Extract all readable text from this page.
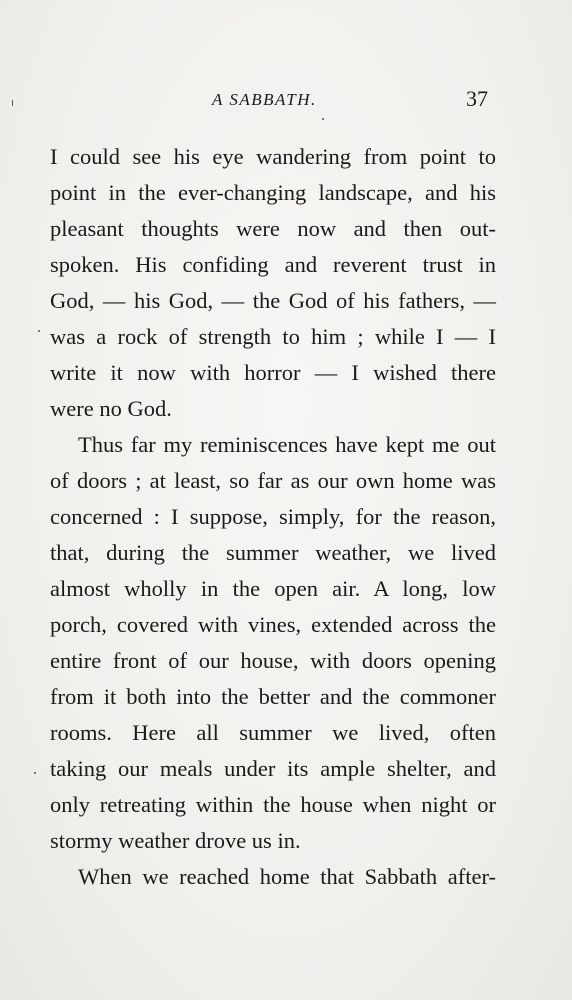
A SABBATH.	37
I could see his eye wandering from point to
point in the ever-changing landscape, and his
pleasant thoughts were now and then out-
spoken. His confiding and reverent trust in
God, — his God, — the God of his fathers, —
was a rock of strength to him ; while I — I
write it now with horror — I wished there
were no God.
Thus far my reminiscences have kept me out
of doors ; at least, so far as our own home was
concerned : I suppose, simply, for the reason,
that, during the summer weather, we lived
almost wholly in the open air. A long, low
porch, covered with vines, extended across the
entire front of our house, with doors opening
from it both into the better and the commoner
rooms. Here all summer we lived, often
taking our meals under its ample shelter, and
only retreating within the house when night or
stormy weather drove us in.
When we reached home that Sabbath after-
